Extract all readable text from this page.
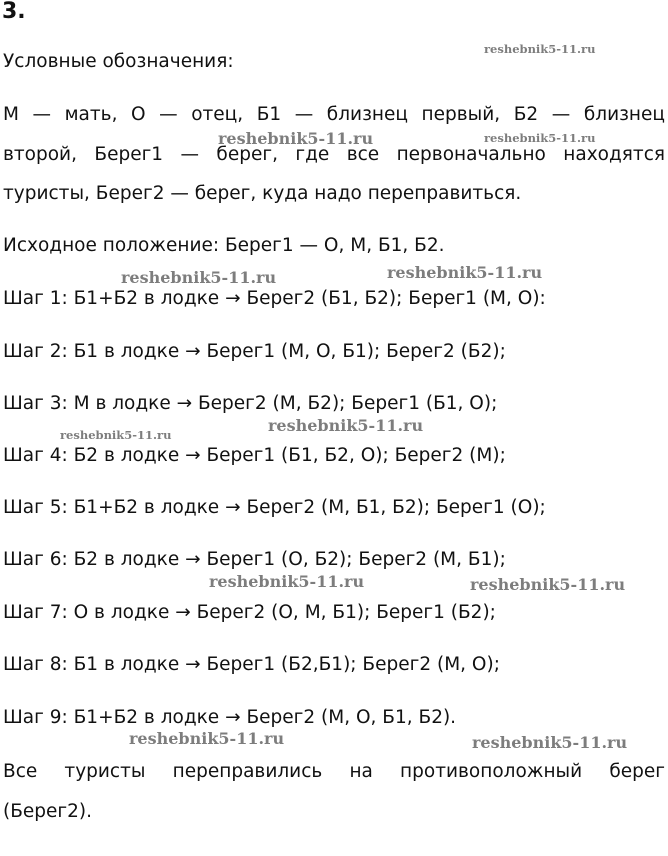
3.
Условные обозначения:
М — мать, О — отец, Б1 — близнец первый, Б2 — близнец
второй, Берег1 — берег, где все первоначально находятся
туристы, Берег2 — берег, куда надо переправиться.
Исходное положение: Берег1 — О, М, Б1, Б2.
Шаг 1: Б1+Б2 в лодке → Берег2 (Б1, Б2); Берег1 (М, О):
Шаг 2: Б1 в лодке → Берег1 (М, О, Б1); Берег2 (Б2);
Шаг 3: М в лодке → Берег2 (М, Б2); Берег1 (Б1, О);
Шаг 4: Б2 в лодке → Берег1 (Б1, Б2, О); Берег2 (М);
Шаг 5: Б1+Б2 в лодке → Берег2 (М, Б1, Б2); Берег1 (О);
Шаг 6: Б2 в лодке → Берег1 (О, Б2); Берег2 (М, Б1);
Шаг 7: О в лодке → Берег2 (О, М, Б1); Берег1 (Б2);
Шаг 8: Б1 в лодке → Берег1 (Б2,Б1); Берег2 (М, О);
Шаг 9: Б1+Б2 в лодке → Берег2 (М, О, Б1, Б2).
Все туристы переправились на противоположный берег
(Берег2).
reshebnik5-11.ru
reshebnik5-11.ru	reshebnik5-11.ru
reshebnik5-11.ru	reshebnik5-11.ru
reshebnik5-11.ru	reshebnik5-11.ru
reshebnik5-11.ru	reshebnik5-11.ru
reshebnik5-11.ru	reshebnik5-11.ru
